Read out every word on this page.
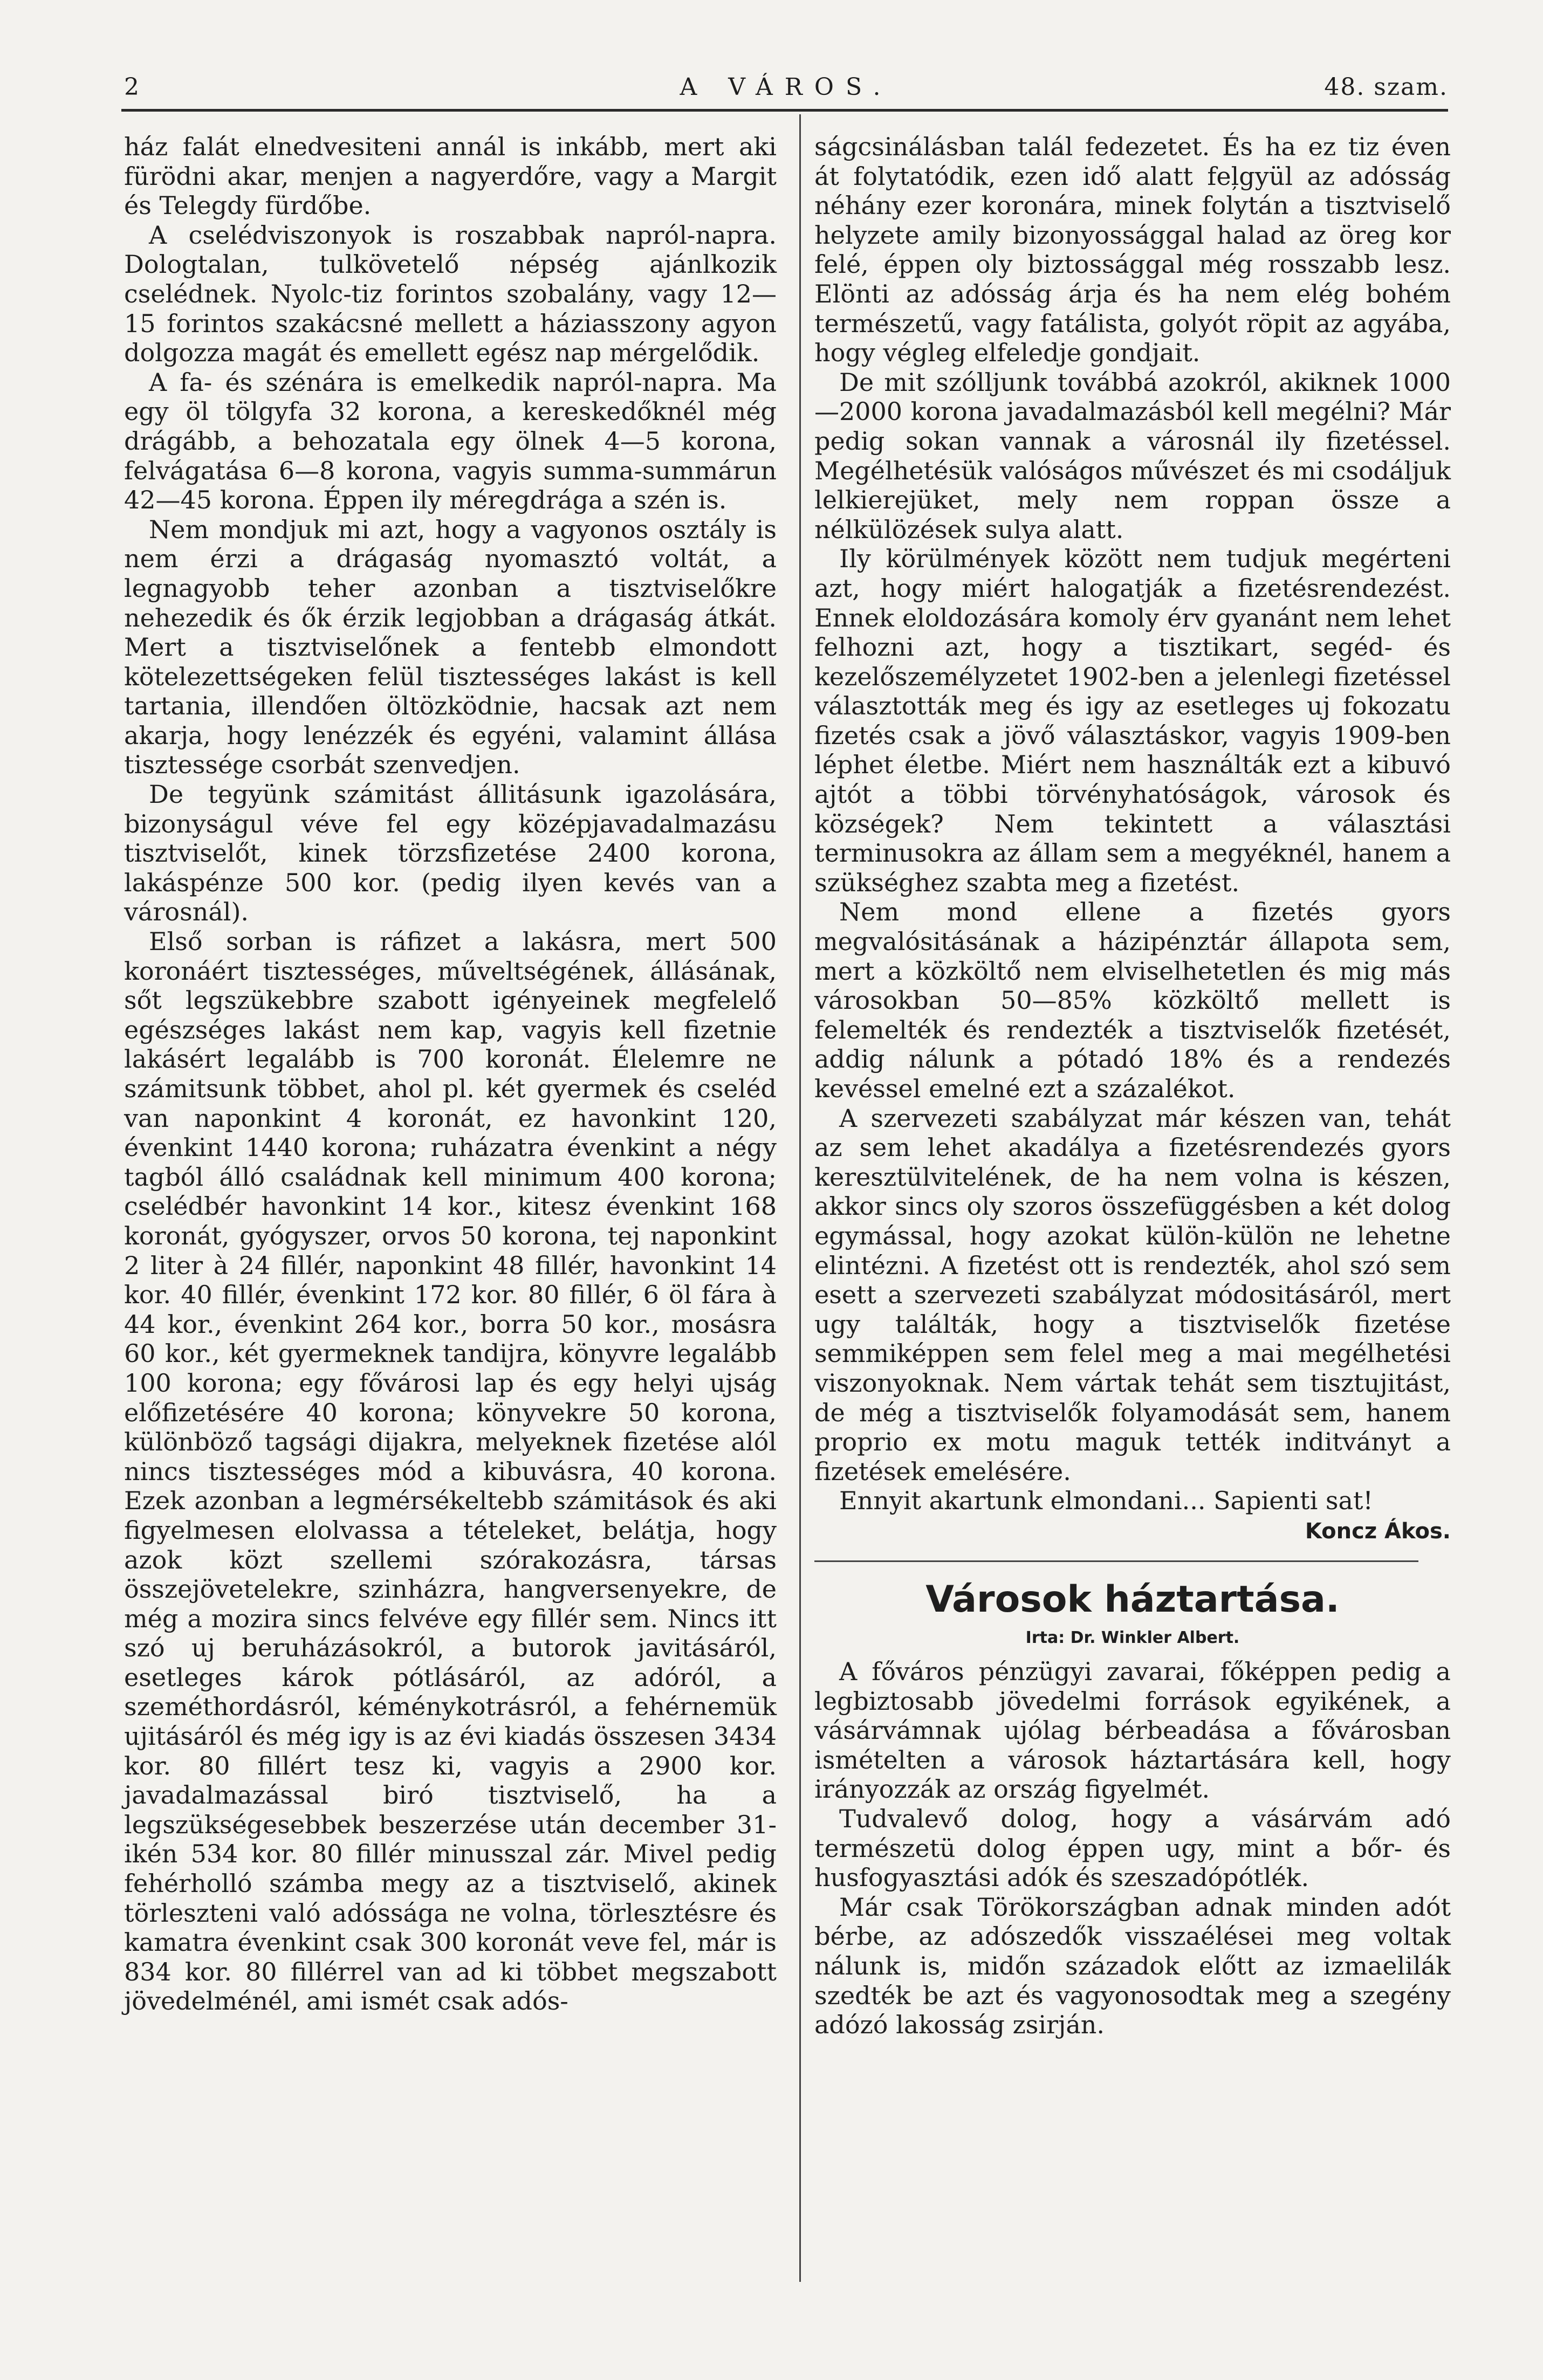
2	A VÁROS.	48. szam.

ház falát elnedvesiteni annál is inkább, mert aki fürödni akar, menjen a nagyerdőre, vagy a Margit és Telegdy fürdőbe.

A cselédviszonyok is roszabbak napról-napra. Dologtalan, tulkövetelő népség ajánlkozik cselédnek. Nyolc-tiz forintos szobalány, vagy 12—15 forintos szakácsné mellett a háziasszony agyon dolgozza magát és emellett egész nap mérgelődik.

A fa- és szénára is emelkedik napról-napra. Ma egy öl tölgyfa 32 korona, a kereskedőknél még drágább, a behozatala egy ölnek 4—5 korona, felvágatása 6—8 korona, vagyis summa-summárun 42—45 korona. Éppen ily méregdrága a szén is.

Nem mondjuk mi azt, hogy a vagyonos osztály is nem érzi a drágaság nyomasztó voltát, a legnagyobb teher azonban a tisztviselőkre nehezedik és ők érzik legjobban a drágaság átkát. Mert a tisztviselőnek a fentebb elmondott kötelezettségeken felül tisztességes lakást is kell tartania, illendően öltözködnie, hacsak azt nem akarja, hogy lenézzék és egyéni, valamint állása tisztessége csorbát szenvedjen.

De tegyünk számitást állitásunk igazolására, bizonyságul véve fel egy középjavadalmazásu tisztviselőt, kinek törzsfizetése 2400 korona, lakáspénze 500 kor. (pedig ilyen kevés van a városnál).

Első sorban is ráfizet a lakásra, mert 500 koronáért tisztességes, műveltségének, állásának, sőt legszükebbre szabott igényeinek megfelelő egészséges lakást nem kap, vagyis kell fizetnie lakásért legalább is 700 koronát. Élelemre ne számitsunk többet, ahol pl. két gyermek és cseléd van naponkint 4 koronát, ez havonkint 120, évenkint 1440 korona; ruházatra évenkint a négy tagból álló családnak kell minimum 400 korona; cselédbér havonkint 14 kor., kitesz évenkint 168 koronát, gyógyszer, orvos 50 korona, tej naponkint 2 liter à 24 fillér, naponkint 48 fillér, havonkint 14 kor. 40 fillér, évenkint 172 kor. 80 fillér, 6 öl fára à 44 kor., évenkint 264 kor., borra 50 kor., mosásra 60 kor., két gyermeknek tandijra, könyvre legalább 100 korona; egy fővárosi lap és egy helyi ujság előfizetésére 40 korona; könyvekre 50 korona, különböző tagsági dijakra, melyeknek fizetése alól nincs tisztességes mód a kibuvásra, 40 korona. Ezek azonban a legmérsékeltebb számitások és aki figyelmesen elolvassa a tételeket, belátja, hogy azok közt szellemi szórakozásra, társas összejövetelekre, szinházra, hangversenyekre, de még a mozira sincs felvéve egy fillér sem. Nincs itt szó uj beruházásokról, a butorok javitásáról, esetleges károk pótlásáról, az adóról, a szeméthordásról, kéménykotrásról, a fehérnemük ujitásáról és még igy is az évi kiadás összesen 3434 kor. 80 fillért tesz ki, vagyis a 2900 kor. javadalmazással biró tisztviselő, ha a legszükségesebbek beszerzése után december 31-ikén 534 kor. 80 fillér minusszal zár. Mivel pedig fehérholló számba megy az a tisztviselő, akinek törleszteni való adóssága ne volna, törlesztésre és kamatra évenkint csak 300 koronát veve fel, már is 834 kor. 80 fillérrel van ad ki többet megszabott jövedelménél, ami ismét csak adós-

ságcsinálásban talál fedezetet. És ha ez tiz éven át folytatódik, ezen idő alatt feļgyül az adósság néhány ezer koronára, minek folytán a tisztviselő helyzete amily bizonyossággal halad az öreg kor felé, éppen oly biztossággal még rosszabb lesz. Elönti az adósság árja és ha nem elég bohém természetű, vagy fatálista, golyót röpit az agyába, hogy végleg elfeledje gondjait.

De mit szólljunk továbbá azokról, akiknek 1000—2000 korona javadalmazásból kell megélni? Már pedig sokan vannak a városnál ily fizetéssel. Megélhetésük valóságos művészet és mi csodáljuk lelkierejüket, mely nem roppan össze a nélkülözések sulya alatt.

Ily körülmények között nem tudjuk megérteni azt, hogy miért halogatják a fizetésrendezést. Ennek eloldozására komoly érv gyanánt nem lehet felhozni azt, hogy a tisztikart, segéd- és kezelőszemélyzetet 1902-ben a jelenlegi fizetéssel választották meg és igy az esetleges uj fokozatu fizetés csak a jövő választáskor, vagyis 1909-ben léphet életbe. Miért nem használták ezt a kibuvó ajtót a többi törvényhatóságok, városok és községek? Nem tekintett a választási terminusokra az állam sem a megyéknél, hanem a szükséghez szabta meg a fizetést.

Nem mond ellene a fizetés gyors megvalósitásának a házipénztár állapota sem, mert a közköltő nem elviselhetetlen és mig más városokban 50—85% közköltő mellett is felemelték és rendezték a tisztviselők fizetését, addig nálunk a pótadó 18% és a rendezés kevéssel emelné ezt a százalékot.

A szervezeti szabályzat már készen van, tehát az sem lehet akadálya a fizetésrendezés gyors keresztülvitelének, de ha nem volna is készen, akkor sincs oly szoros összefüggésben a két dolog egymással, hogy azokat külön-külön ne lehetne elintézni. A fizetést ott is rendezték, ahol szó sem esett a szervezeti szabályzat módositásáról, mert ugy találták, hogy a tisztviselők fizetése semmiképpen sem felel meg a mai megélhetési viszonyoknak. Nem vártak tehát sem tisztujitást, de még a tisztviselők folyamodását sem, hanem proprio ex motu maguk tették inditványt a fizetések emelésére.

Ennyit akartunk elmondani... Sapienti sat!

Koncz Ákos.
Városok háztartása.
Irta: Dr. Winkler Albert.

A főváros pénzügyi zavarai, főképpen pedig a legbiztosabb jövedelmi források egyikének, a vásárvámnak ujólag bérbeadása a fővárosban ismételten a városok háztartására kell, hogy irányozzák az ország figyelmét.

Tudvalevő dolog, hogy a vásárvám adó természetü dolog éppen ugy, mint a bőr- és husfogyasztási adók és szeszadópótlék.

Már csak Törökországban adnak minden adót bérbe, az adószedők visszaélései meg voltak nálunk is, midőn századok előtt az izmaelilák szedték be azt és vagyonosodtak meg a szegény adózó lakosság zsirján.
